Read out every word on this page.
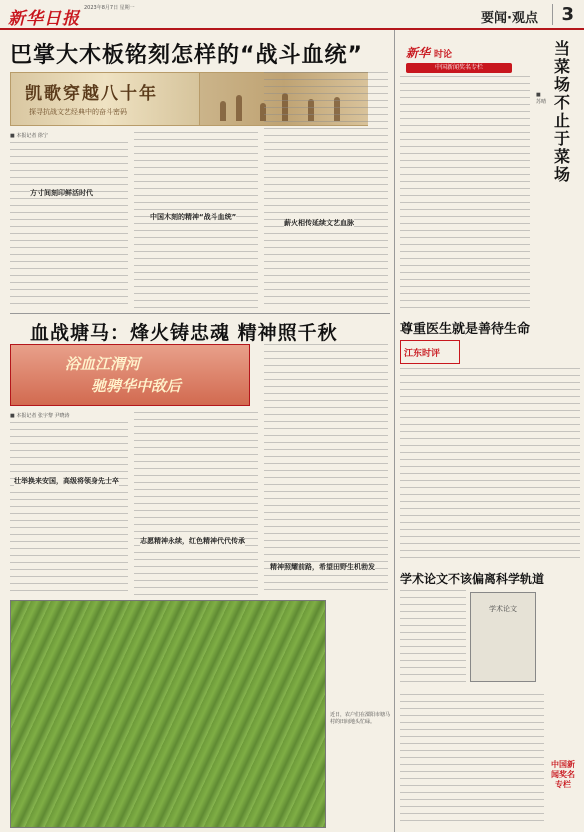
新华日报
2023年8月7日 星期一
要闻·观点	3
巴掌大木板铭刻怎样的“战斗血统”
凯歌穿越八十年
探寻抗战文艺经典中的奋斗密码
■ 本报记者 徐宁
方寸间刻印鲜活时代
中国木刻的精神“战斗血统”
薪火相传延续文艺血脉
新华 时论
中国新闻奖名专栏
当菜场不止于菜场
■ 苏晴
血战塘马：烽火铸忠魂 精神照千秋
浴血江渭河
驰骋华中敌后
■ 本报记者 张宇黎 尹晓涛
壮举换来安国，高级将领身先士卒
志愿精神永续，红色精神代代传承
精神照耀前路，希望田野生机勃发
近日，农户们在溧阳市塘马村的田间地头忙碌。
尊重医生就是善待生命
江东时评
学术论文不该偏离科学轨道
学术论文
中国新闻奖名专栏
